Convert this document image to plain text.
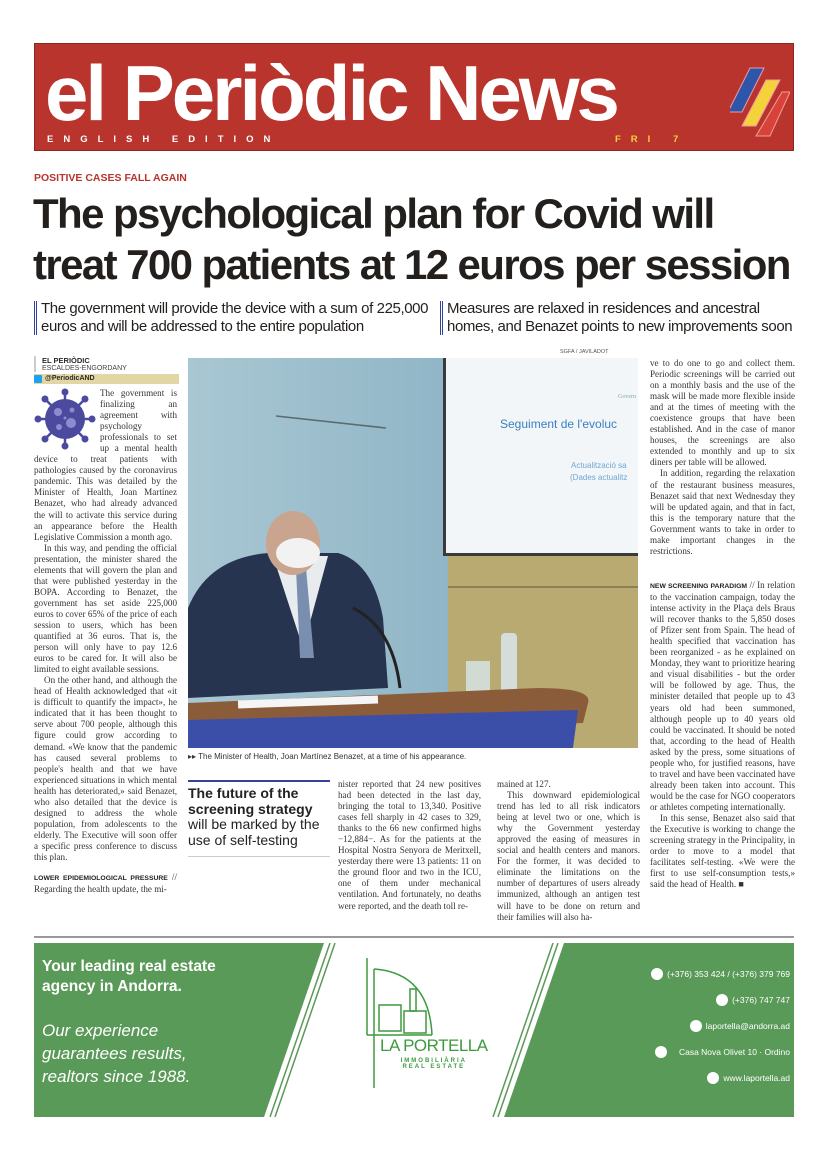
el Periòdic News
ENGLISH EDITION	FRI 7
POSITIVE CASES FALL AGAIN
The psychological plan for Covid will treat 700 patients at 12 euros per session
The government will provide the device with a sum of 225,000 euros and will be addressed to the entire population
Measures are relaxed in residences and ancestral homes, and Benazet points to new improvements soon
EL PERIÒDIC
ESCALDES-ENGORDANY
@PeriodicAND

The government is finalizing an agreement with psychology professionals to set up a mental health device to treat patients with pathologies caused by the coronavirus pandemic. This was detailed by the Minister of Health, Joan Martínez Benazet, who had already advanced the will to activate this service during an appearance before the Health Legislative Commission a month ago.

In this way, and pending the official presentation, the minister shared the elements that will govern the plan and that were published yesterday in the BOPA. According to Benazet, the government has set aside 225,000 euros to cover 65% of the price of each session to users, which has been quantified at 36 euros. That is, the person will only have to pay 12.6 euros to be cared for. It will also be limited to eight available sessions.

On the other hand, and although the head of Health acknowledged that «it is difficult to quantify the impact», he indicated that it has been thought to serve about 700 people, although this figure could grow according to demand. «We know that the pandemic has caused several problems to people's health and that we have experienced situations in which mental health has deteriorated,» said Benazet, who also detailed that the device is designed to address the whole population, from adolescents to the elderly. The Executive will soon offer a specific press conference to discuss this plan.

LOWER EPIDEMIOLOGICAL PRESSURE // Regarding the health update, the mi-

SGFA / JAVILADOT
Seguiment de l'evoluc
Actualització sa
(Dades actualitz
Govern
▸▸ The Minister of Health, Joan Martínez Benazet, at a time of his appearance.
The future of the screening strategy will be marked by the use of self-testing

nister reported that 24 new positives had been detected in the last day, bringing the total to 13,340. Positive cases fell sharply in 42 cases to 329, thanks to the 66 new confirmed highs −12,884−. As for the patients at the Hospital Nostra Senyora de Meritxell, yesterday there were 13 patients: 11 on the ground floor and two in the ICU, one of them under mechanical ventilation. And fortunately, no deaths were reported, and the death toll re-

mained at 127.

This downward epidemiological trend has led to all risk indicators being at level two or one, which is why the Government yesterday approved the easing of measures in social and health centers and manors. For the former, it was decided to eliminate the limitations on the number of departures of users already immunized, although an antigen test will have to be done on return and their families will also ha-

ve to do one to go and collect them. Periodic screenings will be carried out on a monthly basis and the use of the mask will be made more flexible inside and at the times of meeting with the coexistence groups that have been established. And in the case of manor houses, the screenings are also extended to monthly and up to six diners per table will be allowed.

In addition, regarding the relaxation of the restaurant business measures, Benazet said that next Wednesday they will be updated again, and that in fact, this is the temporary nature that the Government wants to take in order to make important changes in the restrictions.

NEW SCREENING PARADIGM // In relation to the vaccination campaign, today the intense activity in the Plaça dels Braus will recover thanks to the 5,850 doses of Pfizer sent from Spain. The head of health specified that vaccination has been reorganized - as he explained on Monday, they want to prioritize hearing and visual disabilities - but the order will be followed by age. Thus, the minister detailed that people up to 43 years old had been summoned, although people up to 40 years old could be vaccinated. It should be noted that, according to the head of Health asked by the press, some situations of people who, for justified reasons, have to travel and have been vaccinated have already been taken into account. This would be the case for NGO cooperators or athletes competing internationally.

In this sense, Benazet also said that the Executive is working to change the screening strategy in the Principality, in order to move to a model that facilitates self-testing. «We were the first to use self-consumption tests,» said the head of Health. ■

Your leading real estate agency in Andorra.
Our experience guarantees results, realtors since 1988.
LA PORTELLA
IMMOBILIÀRIA
REAL ESTATE
(+376) 353 424 / (+376) 379 769
(+376) 747 747
laportella@andorra.ad
Casa Nova Olivet 10 · Ordino
www.laportella.ad
